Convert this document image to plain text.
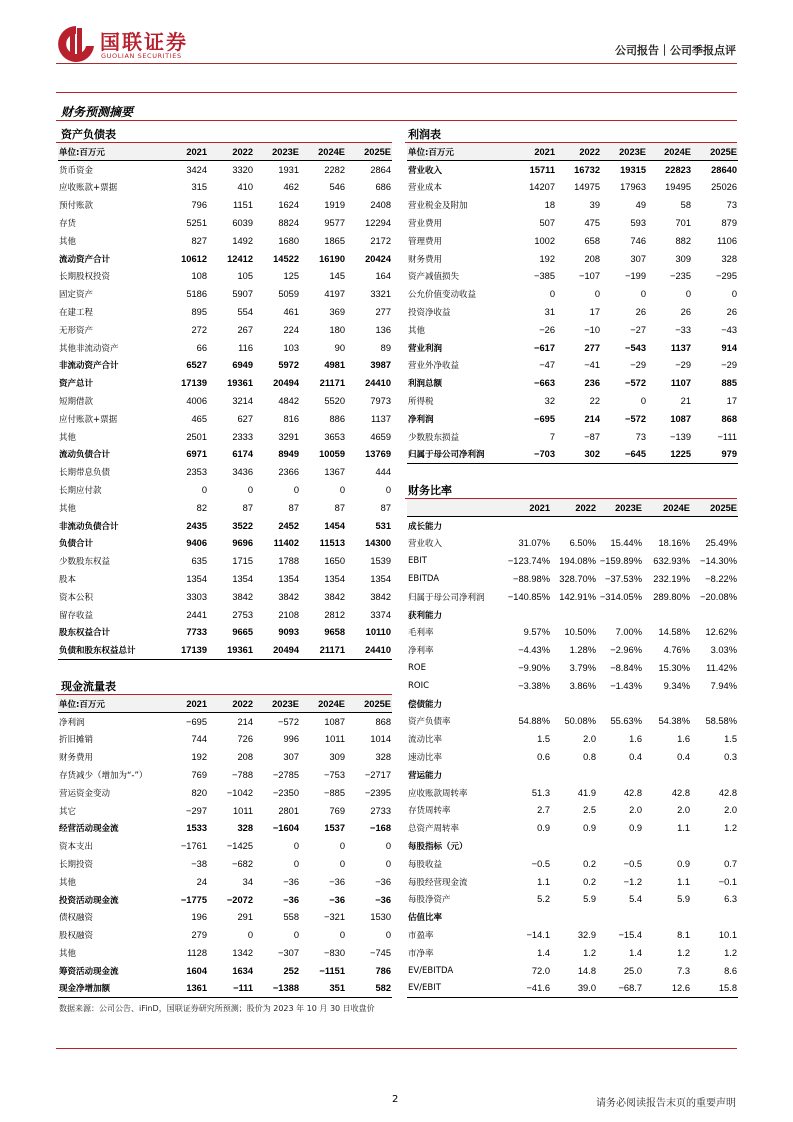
国联证券
GUOLIAN SECURITIES	公司报告｜公司季报点评
财务预测摘要
资产负债表
单位:百万元	2021	2022	2023E	2024E	2025E
货币资金	3424	3320	1931	2282	2864
应收账款+票据	315	410	462	546	686
预付账款	796	1151	1624	1919	2408
存货	5251	6039	8824	9577	12294
其他	827	1492	1680	1865	2172
流动资产合计	10612	12412	14522	16190	20424
长期股权投资	108	105	125	145	164
固定资产	5186	5907	5059	4197	3321
在建工程	895	554	461	369	277
无形资产	272	267	224	180	136
其他非流动资产	66	116	103	90	89
非流动资产合计	6527	6949	5972	4981	3987
资产总计	17139	19361	20494	21171	24410
短期借款	4006	3214	4842	5520	7973
应付账款+票据	465	627	816	886	1137
其他	2501	2333	3291	3653	4659
流动负债合计	6971	6174	8949	10059	13769
长期带息负债	2353	3436	2366	1367	444
长期应付款	0	0	0	0	0
其他	82	87	87	87	87
非流动负债合计	2435	3522	2452	1454	531
负债合计	9406	9696	11402	11513	14300
少数股东权益	635	1715	1788	1650	1539
股本	1354	1354	1354	1354	1354
资本公积	3303	3842	3842	3842	3842
留存收益	2441	2753	2108	2812	3374
股东权益合计	7733	9665	9093	9658	10110
负债和股东权益总计	17139	19361	20494	21171	24410
利润表
单位:百万元	2021	2022	2023E	2024E	2025E
营业收入	15711	16732	19315	22823	28640
营业成本	14207	14975	17963	19495	25026
营业税金及附加	18	39	49	58	73
营业费用	507	475	593	701	879
管理费用	1002	658	746	882	1106
财务费用	192	208	307	309	328
资产减值损失	−385	−107	−199	−235	−295
公允价值变动收益	0	0	0	0	0
投资净收益	31	17	26	26	26
其他	−26	−10	−27	−33	−43
营业利润	−617	277	−543	1137	914
营业外净收益	−47	−41	−29	−29	−29
利润总额	−663	236	−572	1107	885
所得税	32	22	0	21	17
净利润	−695	214	−572	1087	868
少数股东损益	7	−87	73	−139	−111
归属于母公司净利润	−703	302	−645	1225	979
财务比率
	2021	2022	2023E	2024E	2025E
成长能力					
营业收入	31.07%	6.50%	15.44%	18.16%	25.49%
EBIT	−123.74%	194.08%	−159.89%	632.93%	−14.30%
EBITDA	−88.98%	328.70%	−37.53%	232.19%	−8.22%
归属于母公司净利润	−140.85%	142.91%	−314.05%	289.80%	−20.08%
获利能力					
毛利率	9.57%	10.50%	7.00%	14.58%	12.62%
净利率	−4.43%	1.28%	−2.96%	4.76%	3.03%
ROE	−9.90%	3.79%	−8.84%	15.30%	11.42%
ROIC	−3.38%	3.86%	−1.43%	9.34%	7.94%
偿债能力					
资产负债率	54.88%	50.08%	55.63%	54.38%	58.58%
流动比率	1.5	2.0	1.6	1.6	1.5
速动比率	0.6	0.8	0.4	0.4	0.3
营运能力					
应收账款周转率	51.3	41.9	42.8	42.8	42.8
存货周转率	2.7	2.5	2.0	2.0	2.0
总资产周转率	0.9	0.9	0.9	1.1	1.2
每股指标（元）					
每股收益	−0.5	0.2	−0.5	0.9	0.7
每股经营现金流	1.1	0.2	−1.2	1.1	−0.1
每股净资产	5.2	5.9	5.4	5.9	6.3
估值比率					
市盈率	−14.1	32.9	−15.4	8.1	10.1
市净率	1.4	1.2	1.4	1.2	1.2
EV/EBITDA	72.0	14.8	25.0	7.3	8.6
EV/EBIT	−41.6	39.0	−68.7	12.6	15.8
现金流量表
单位:百万元	2021	2022	2023E	2024E	2025E
净利润	−695	214	−572	1087	868
折旧摊销	744	726	996	1011	1014
财务费用	192	208	307	309	328
存货减少（增加为“-”）	769	−788	−2785	−753	−2717
营运资金变动	820	−1042	−2350	−885	−2395
其它	−297	1011	2801	769	2733
经营活动现金流	1533	328	−1604	1537	−168
资本支出	−1761	−1425	0	0	0
长期投资	−38	−682	0	0	0
其他	24	34	−36	−36	−36
投资活动现金流	−1775	−2072	−36	−36	−36
债权融资	196	291	558	−321	1530
股权融资	279	0	0	0	0
其他	1128	1342	−307	−830	−745
筹资活动现金流	1604	1634	252	−1151	786
现金净增加额	1361	−111	−1388	351	582
数据来源：公司公告、iFinD，国联证券研究所预测；股价为 2023 年 10 月 30 日收盘价
2	请务必阅读报告末页的重要声明
